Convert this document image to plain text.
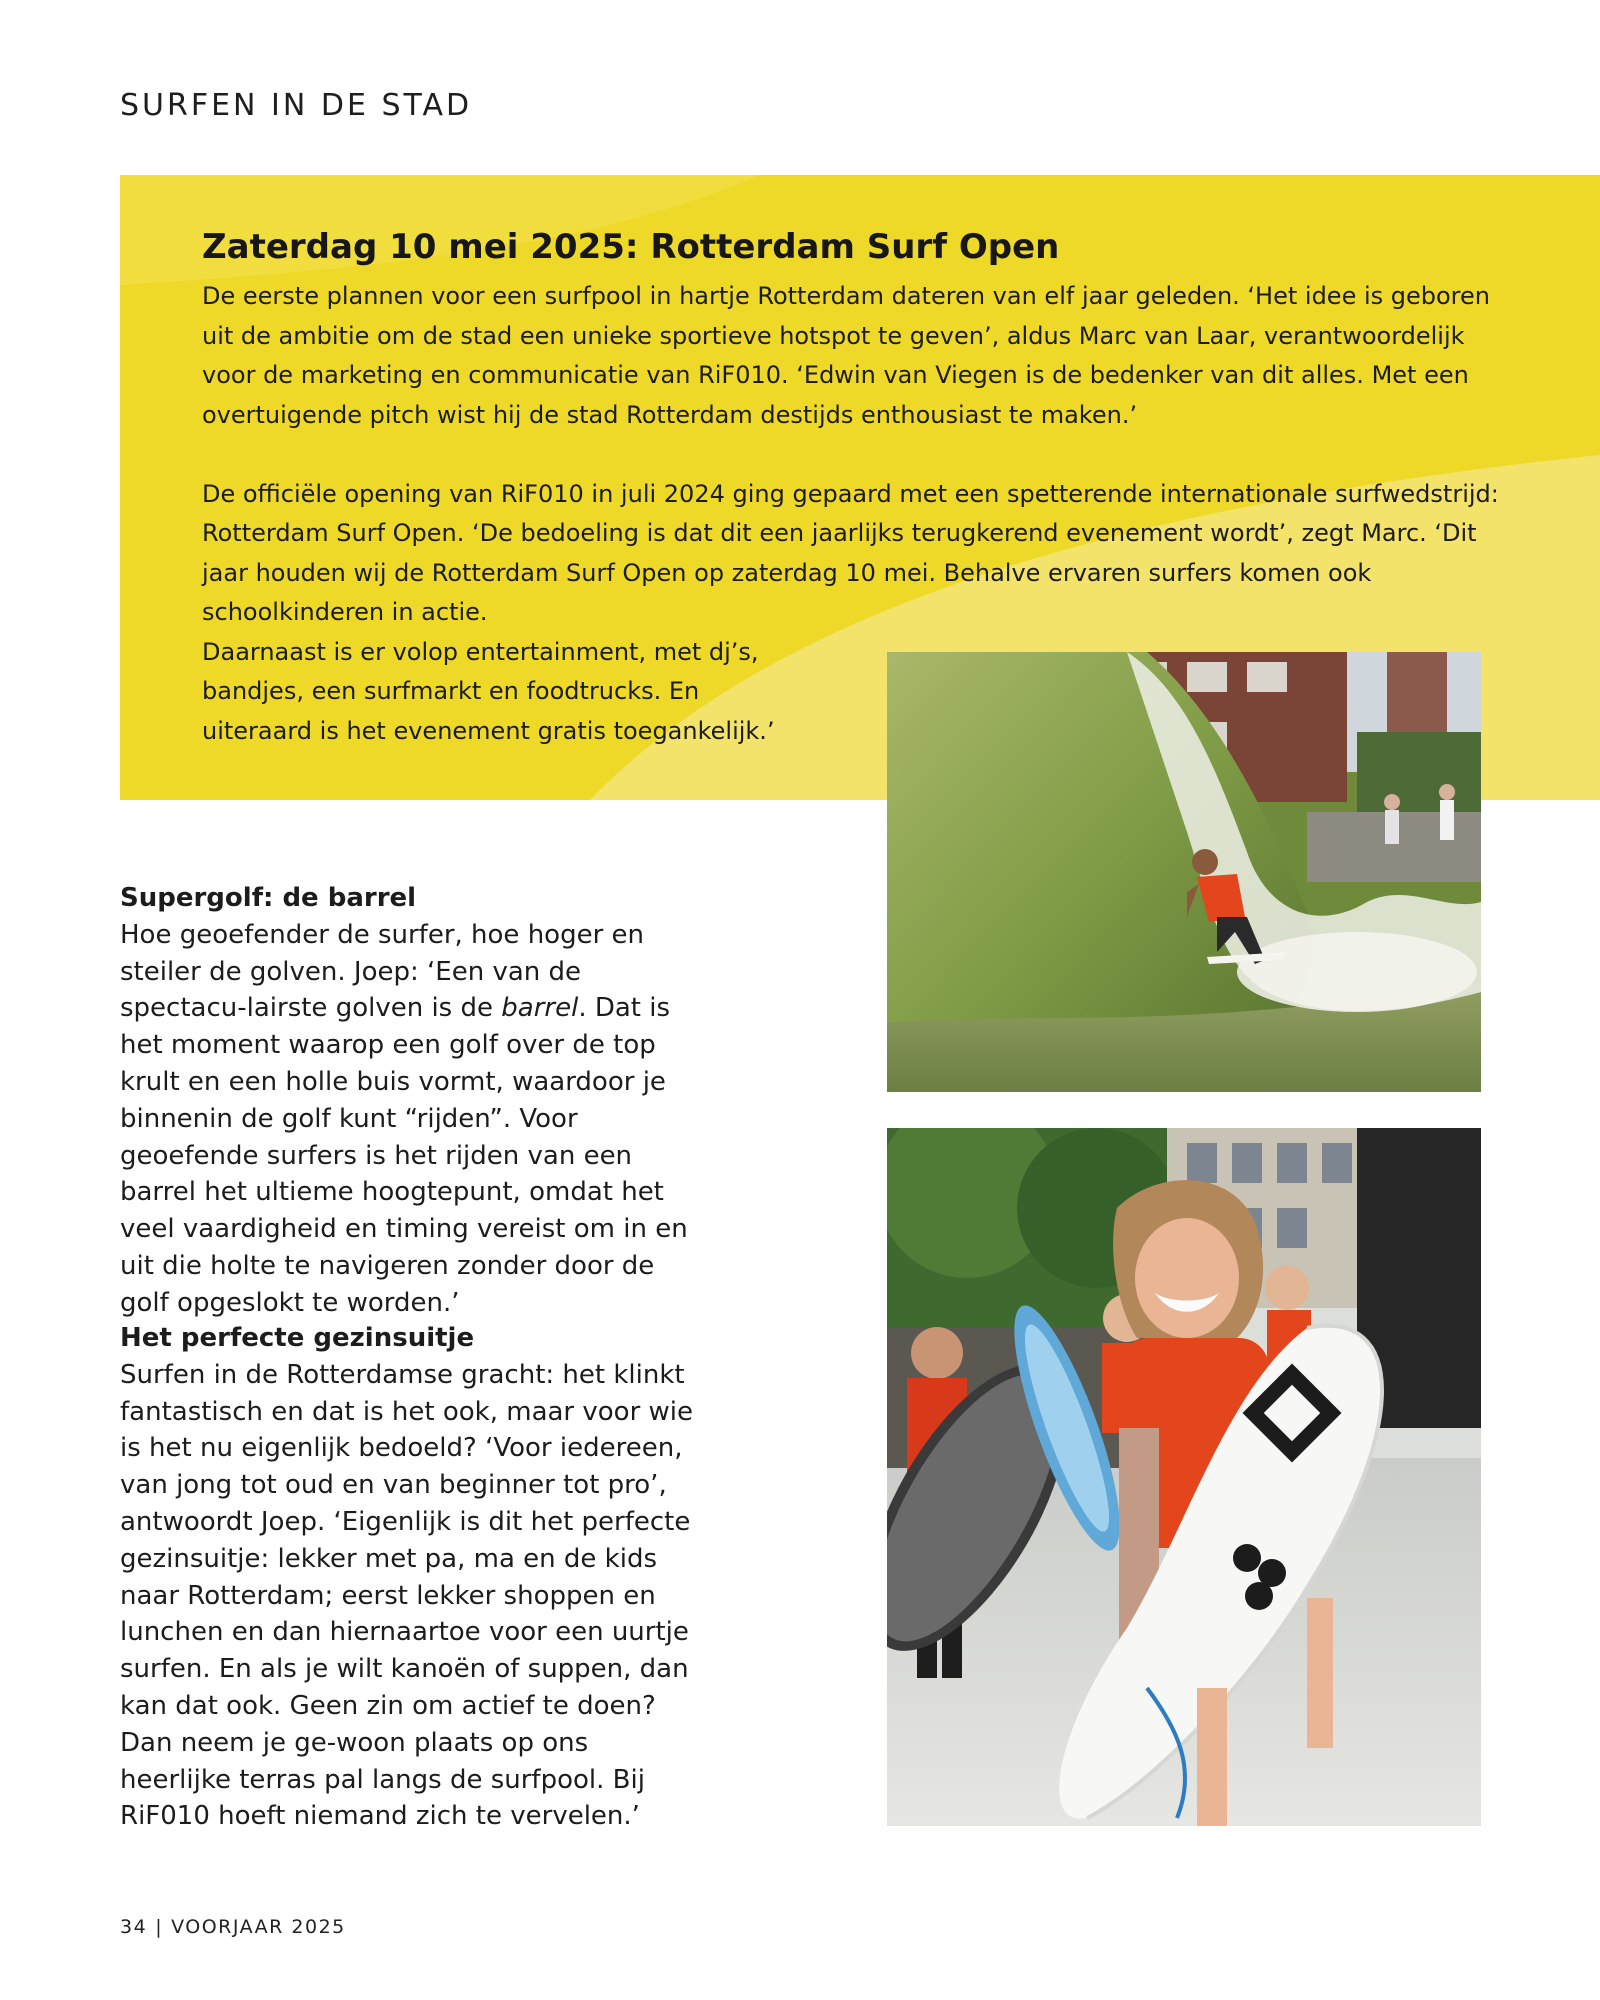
SURFEN IN DE STAD
Zaterdag 10 mei 2025: Rotterdam Surf Open

De eerste plannen voor een surfpool in hartje Rotterdam dateren van elf jaar geleden. ‘Het idee is geboren uit de ambitie om de stad een unieke sportieve hotspot te geven’, aldus Marc van Laar, verantwoordelijk voor de marketing en communicatie van RiF010. ‘Edwin van Viegen is de bedenker van dit alles. Met een overtuigende pitch wist hij de stad Rotterdam destijds enthousiast te maken.’

De officiële opening van RiF010 in juli 2024 ging gepaard met een spetterende internationale surfwedstrijd: Rotterdam Surf Open. ‘De bedoeling is dat dit een jaarlijks terugkerend evenement wordt’, zegt Marc. ‘Dit jaar houden wij de Rotterdam Surf Open op zaterdag 10 mei. Behalve ervaren surfers komen ook schoolkinderen in actie.

Daarnaast is er volop entertainment, met dj’s,

bandjes, een surfmarkt en foodtrucks. En

uiteraard is het evenement gratis toegankelijk.’

Supergolf: de barrel

Hoe geoefender de surfer, hoe hoger en steiler de golven. Joep: ‘Een van de spectacu-lairste golven is de barrel. Dat is het moment waarop een golf over de top krult en een holle buis vormt, waardoor je binnenin de golf kunt “rijden”. Voor geoefende surfers is het rijden van een barrel het ultieme hoogtepunt, omdat het veel vaardigheid en timing vereist om in en uit die holte te navigeren zonder door de golf opgeslokt te worden.’

Het perfecte gezinsuitje

Surfen in de Rotterdamse gracht: het klinkt fantastisch en dat is het ook, maar voor wie is het nu eigenlijk bedoeld? ‘Voor iedereen, van jong tot oud en van beginner tot pro’, antwoordt Joep. ‘Eigenlijk is dit het perfecte gezinsuitje: lekker met pa, ma en de kids naar Rotterdam; eerst lekker shoppen en lunchen en dan hiernaartoe voor een uurtje surfen. En als je wilt kanoën of suppen, dan kan dat ook. Geen zin om actief te doen? Dan neem je ge-woon plaats op ons heerlijke terras pal langs de surfpool. Bij RiF010 hoeft niemand zich te vervelen.’

34 | VOORJAAR 2025
